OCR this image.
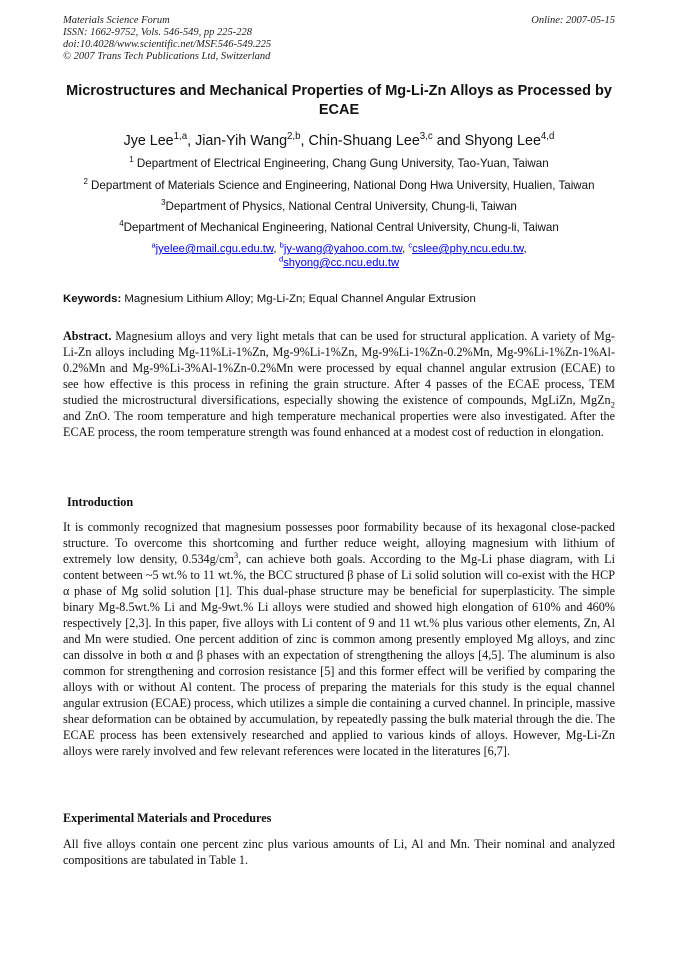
Materials Science Forum
ISSN: 1662-9752, Vols. 546-549, pp 225-228
doi:10.4028/www.scientific.net/MSF.546-549.225
© 2007 Trans Tech Publications Ltd, Switzerland
Online: 2007-05-15
Microstructures and Mechanical Properties of Mg-Li-Zn Alloys as Processed by ECAE
Jye Lee$^{1,a}$, Jian-Yih Wang$^{2,b}$, Chin-Shuang Lee$^{3,c}$ and Shyong Lee$^{4,d}$
$^1$ Department of Electrical Engineering, Chang Gung University, Tao-Yuan, Taiwan
$^2$ Department of Materials Science and Engineering, National Dong Hwa University, Hualien, Taiwan
$^3$Department of Physics, National Central University, Chung-li, Taiwan
$^4$Department of Mechanical Engineering, National Central University, Chung-li, Taiwan
$^a$jyelee@mail.cgu.edu.tw, $^b$jy-wang@yahoo.com.tw, $^c$cslee@phy.ncu.edu.tw,
$^d$shyong@cc.ncu.edu.tw
Keywords: Magnesium Lithium Alloy; Mg-Li-Zn; Equal Channel Angular Extrusion
Abstract. Magnesium alloys and very light metals that can be used for structural application. A variety of Mg-Li-Zn alloys including Mg-11%Li-1%Zn, Mg-9%Li-1%Zn, Mg-9%Li-1%Zn-0.2%Mn, Mg-9%Li-1%Zn-1%Al-0.2%Mn and Mg-9%Li-3%Al-1%Zn-0.2%Mn were processed by equal channel angular extrusion (ECAE) to see how effective is this process in refining the grain structure. After 4 passes of the ECAE process, TEM studied the microstructural diversifications, especially showing the existence of compounds, MgLiZn, MgZn$_2$ and ZnO. The room temperature and high temperature mechanical properties were also investigated. After the ECAE process, the room temperature strength was found enhanced at a modest cost of reduction in elongation.
Introduction
It is commonly recognized that magnesium possesses poor formability because of its hexagonal close-packed structure. To overcome this shortcoming and further reduce weight, alloying magnesium with lithium of extremely low density, $0.534g/cm^3$, can achieve both goals. According to the Mg-Li phase diagram, with Li content between ~5 wt.% to 11 wt.%, the BCC structured β phase of Li solid solution will co-exist with the HCP α phase of Mg solid solution [1]. This dual-phase structure may be beneficial for superplasticity. The simple binary Mg-8.5wt.% Li and Mg-9wt.% Li alloys were studied and showed high elongation of 610% and 460% respectively [2,3]. In this paper, five alloys with Li content of 9 and 11 wt.% plus various other elements, Zn, Al and Mn were studied. One percent addition of zinc is common among presently employed Mg alloys, and zinc can dissolve in both α and β phases with an expectation of strengthening the alloys [4,5]. The aluminum is also common for strengthening and corrosion resistance [5] and this former effect will be verified by comparing the alloys with or without Al content. The process of preparing the materials for this study is the equal channel angular extrusion (ECAE) process, which utilizes a simple die containing a curved channel. In principle, massive shear deformation can be obtained by accumulation, by repeatedly passing the bulk material through the die. The ECAE process has been extensively researched and applied to various kinds of alloys. However, Mg-Li-Zn alloys were rarely involved and few relevant references were located in the literatures [6,7].
Experimental Materials and Procedures
All five alloys contain one percent zinc plus various amounts of Li, Al and Mn. Their nominal and analyzed compositions are tabulated in Table 1.
